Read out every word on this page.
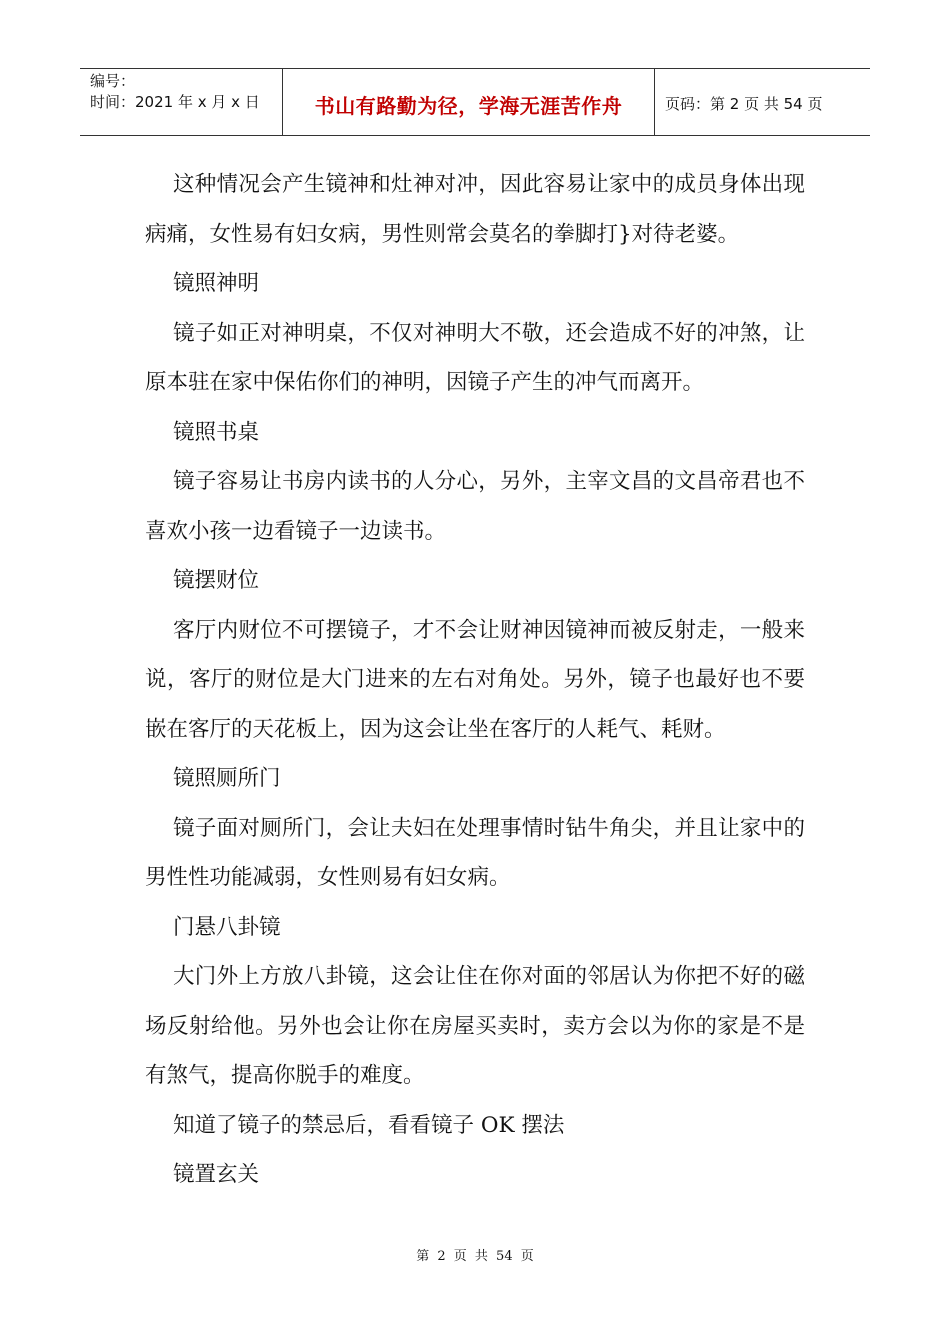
编号：
时间：2021 年 x 月 x 日	书山有路勤为径，学海无涯苦作舟	页码：第 2 页 共 54 页

这种情况会产生镜神和灶神对冲，因此容易让家中的成员身体出现病痛，女性易有妇女病，男性则常会莫名的拳脚打}对待老婆。

镜照神明

镜子如正对神明桌，不仅对神明大不敬，还会造成不好的冲煞，让原本驻在家中保佑你们的神明，因镜子产生的冲气而离开。

镜照书桌

镜子容易让书房内读书的人分心，另外，主宰文昌的文昌帝君也不喜欢小孩一边看镜子一边读书。

镜摆财位

客厅内财位不可摆镜子，才不会让财神因镜神而被反射走，一般来说，客厅的财位是大门进来的左右对角处。另外，镜子也最好也不要嵌在客厅的天花板上，因为这会让坐在客厅的人耗气、耗财。

镜照厕所门

镜子面对厕所门，会让夫妇在处理事情时钻牛角尖，并且让家中的男性性功能减弱，女性则易有妇女病。

门悬八卦镜

大门外上方放八卦镜，这会让住在你对面的邻居认为你把不好的磁场反射给他。另外也会让你在房屋买卖时，卖方会以为你的家是不是有煞气，提高你脱手的难度。

知道了镜子的禁忌后，看看镜子 OK 摆法

镜置玄关

第 2 页 共 54 页
